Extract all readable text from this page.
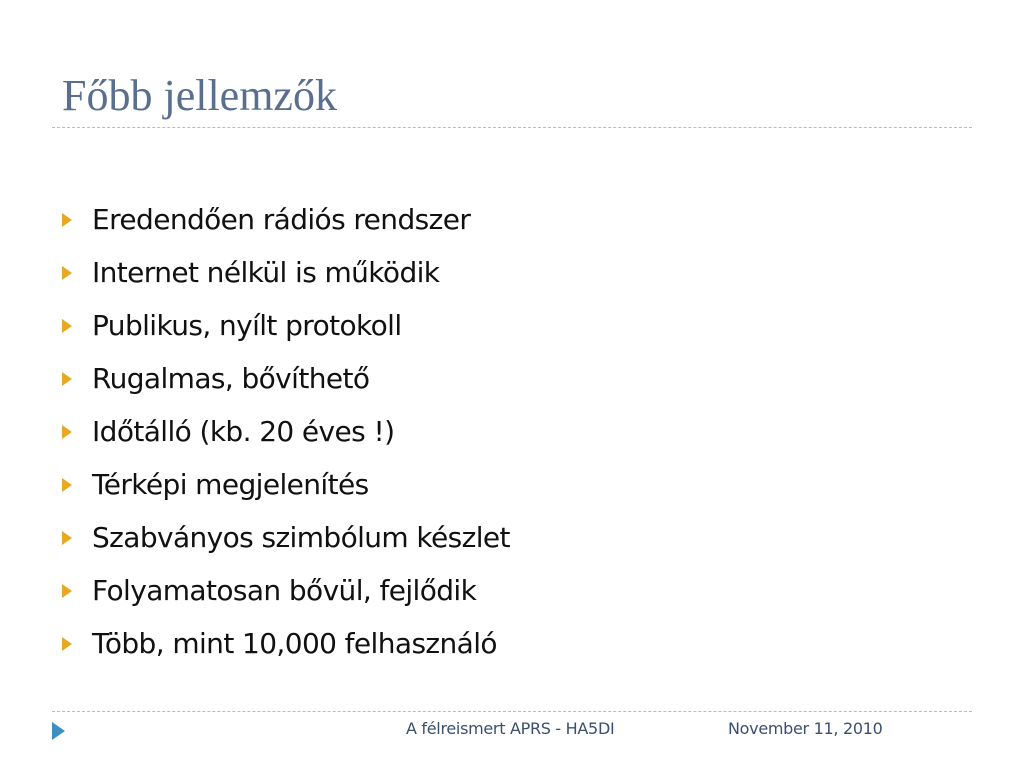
Főbb jellemzők
Eredendően rádiós rendszer
Internet nélkül is működik
Publikus, nyílt protokoll
Rugalmas, bővíthető
Időtálló (kb. 20 éves !)
Térképi megjelenítés
Szabványos szimbólum készlet
Folyamatosan bővül, fejlődik
Több, mint 10,000 felhasználó
A félreismert APRS - HA5DI	November 11, 2010
